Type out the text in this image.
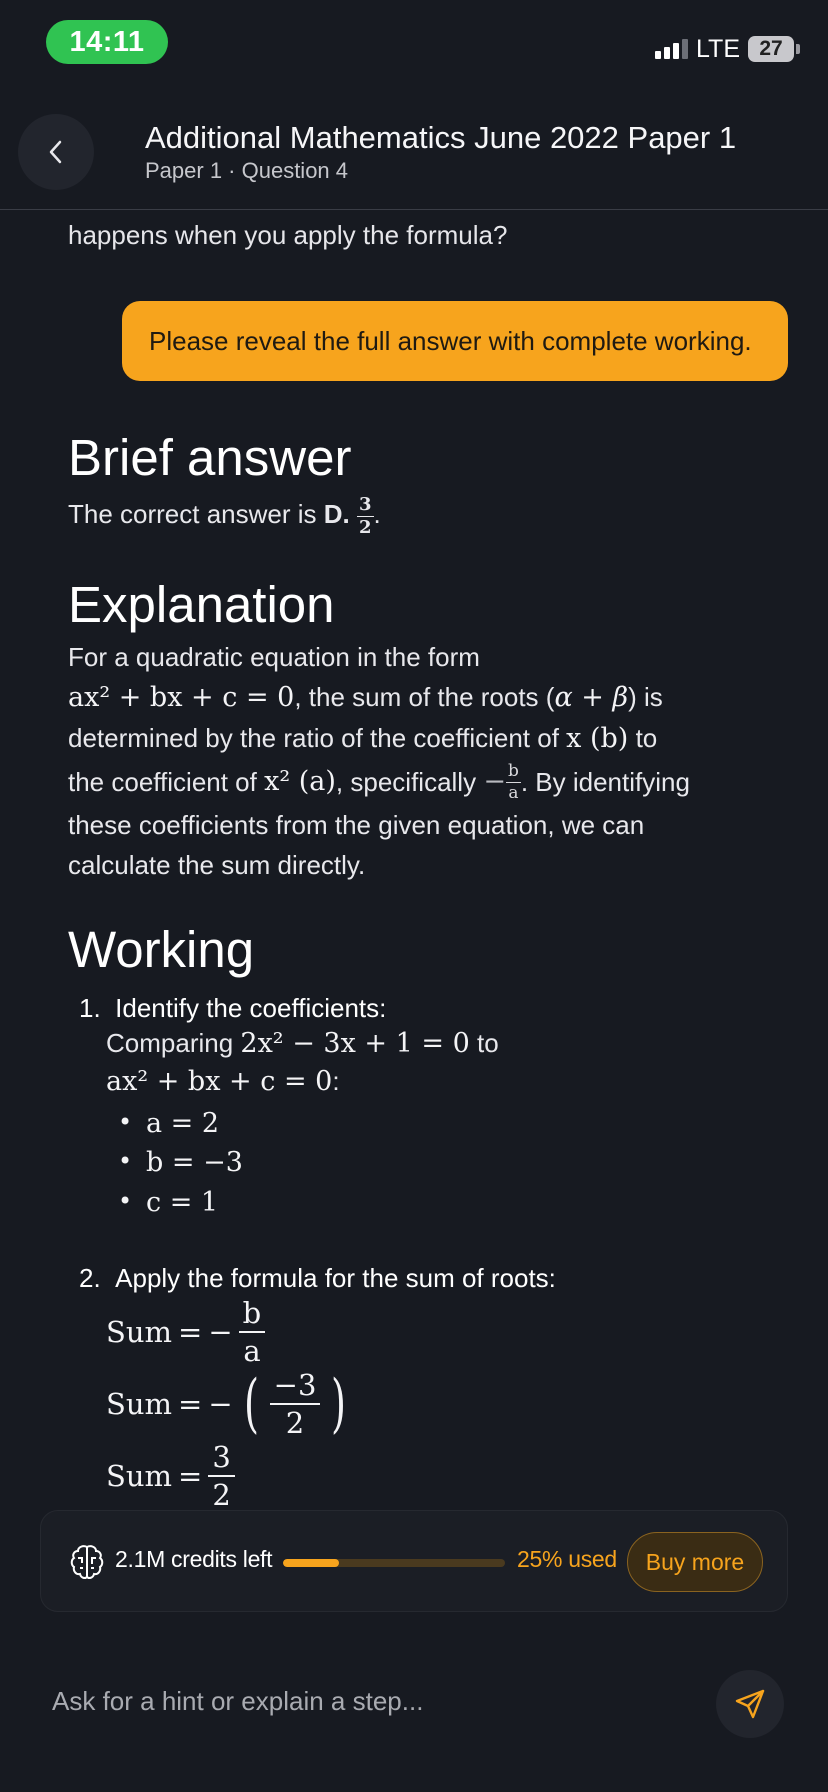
14:11	LTE 27
Additional Mathematics June 2022 Paper 1
Paper 1 · Question 4
happens when you apply the formula?
Please reveal the full answer with complete working.
Brief answer
The correct answer is D. $\frac{3}{2}$ .
Explanation
For a quadratic equation in the form
ax² + bx + c = 0, the sum of the roots (α + β) is
determined by the ratio of the coefficient of x (b) to
the coefficient of
x² (a) , specifically
− $\frac{b}{a}$ . By identifying
these coefficients from the given equation, we can
calculate the sum directly.
Working
1. Identify the coefficients:
Comparing 2x² − 3x + 1 = 0 to
ax² + bx + c = 0:
• a = 2
• b = −3
• c = 1
2. Apply the formula for the sum of roots:
Sum = − $\frac{b}{a}$
Sum = − ( $\frac{-3}{2}$ )
Sum = $\frac{3}{2}$
2.1M credits left	25% used	Buy more
Ask for a hint or explain a step...
